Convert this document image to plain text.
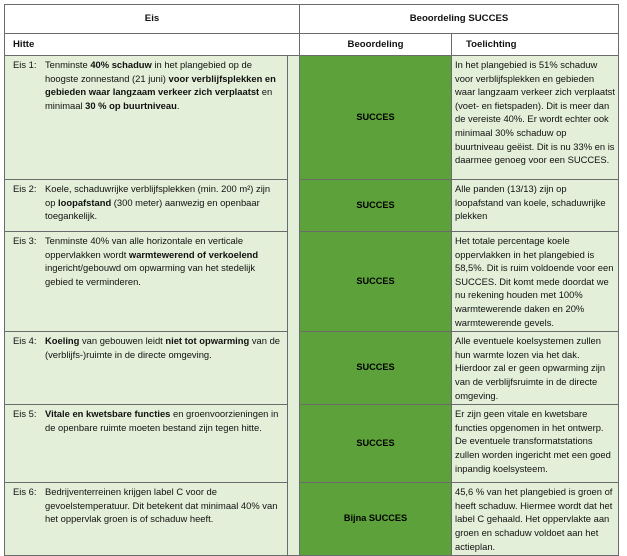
Eis		Beoordeling SUCCES	
Hitte		Beoordeling	Toelichting

Eis 1: Tenminste 40% schaduw in het plangebied op de hoogste zonnestand (21 juni) voor verblijfsplekken en gebieden waar langzaam verkeer zich verplaatst en minimaal 30 % op buurtniveau.		SUCCES	In het plangebied is 51% schaduw voor verblijfsplekken en gebieden waar langzaam verkeer zich verplaatst (voet- en fietspaden). Dit is meer dan de vereiste 40%. Er wordt echter ook minimaal 30% schaduw op buurtniveau geëist. Dit is nu 33% en is daarmee genoeg voor een SUCCES.

Eis 2: Koele, schaduwrijke verblijfsplekken (min. 200 m²) zijn op loopafstand (300 meter) aanwezig en openbaar toegankelijk.		SUCCES	Alle panden (13/13) zijn op loopafstand van koele, schaduwrijke plekken

Eis 3: Tenminste 40% van alle horizontale en verticale oppervlakken wordt warmtewerend of verkoelend ingericht/gebouwd om opwarming van het stedelijk gebied te verminderen.		SUCCES	Het totale percentage koele oppervlakken in het plangebied is 58,5%. Dit is ruim voldoende voor een SUCCES. Dit komt mede doordat we nu rekening houden met 100% warmtewerende daken en 20% warmtewerende gevels.

Eis 4: Koeling van gebouwen leidt niet tot opwarming van de (verblijfs-)ruimte in de directe omgeving.		SUCCES	Alle eventuele koelsystemen zullen hun warmte lozen via het dak. Hierdoor zal er geen opwarming zijn van de verblijfsruimte in de directe omgeving.

Eis 5: Vitale en kwetsbare functies en groenvoorzieningen in de openbare ruimte moeten bestand zijn tegen hitte.		SUCCES	Er zijn geen vitale en kwetsbare functies opgenomen in het ontwerp. De eventuele transformatstations zullen worden ingericht met een goed inpandig koelsysteem.

Eis 6: Bedrijventerreinen krijgen label C voor de gevoelstemperatuur. Dit betekent dat minimaal 40% van het oppervlak groen is of schaduw heeft.		Bijna SUCCES	45,6 % van het plangebied is groen of heeft schaduw. Hiermee wordt dat het label C gehaald. Het oppervlakte aan groen en schaduw voldoet aan het actieplan.
